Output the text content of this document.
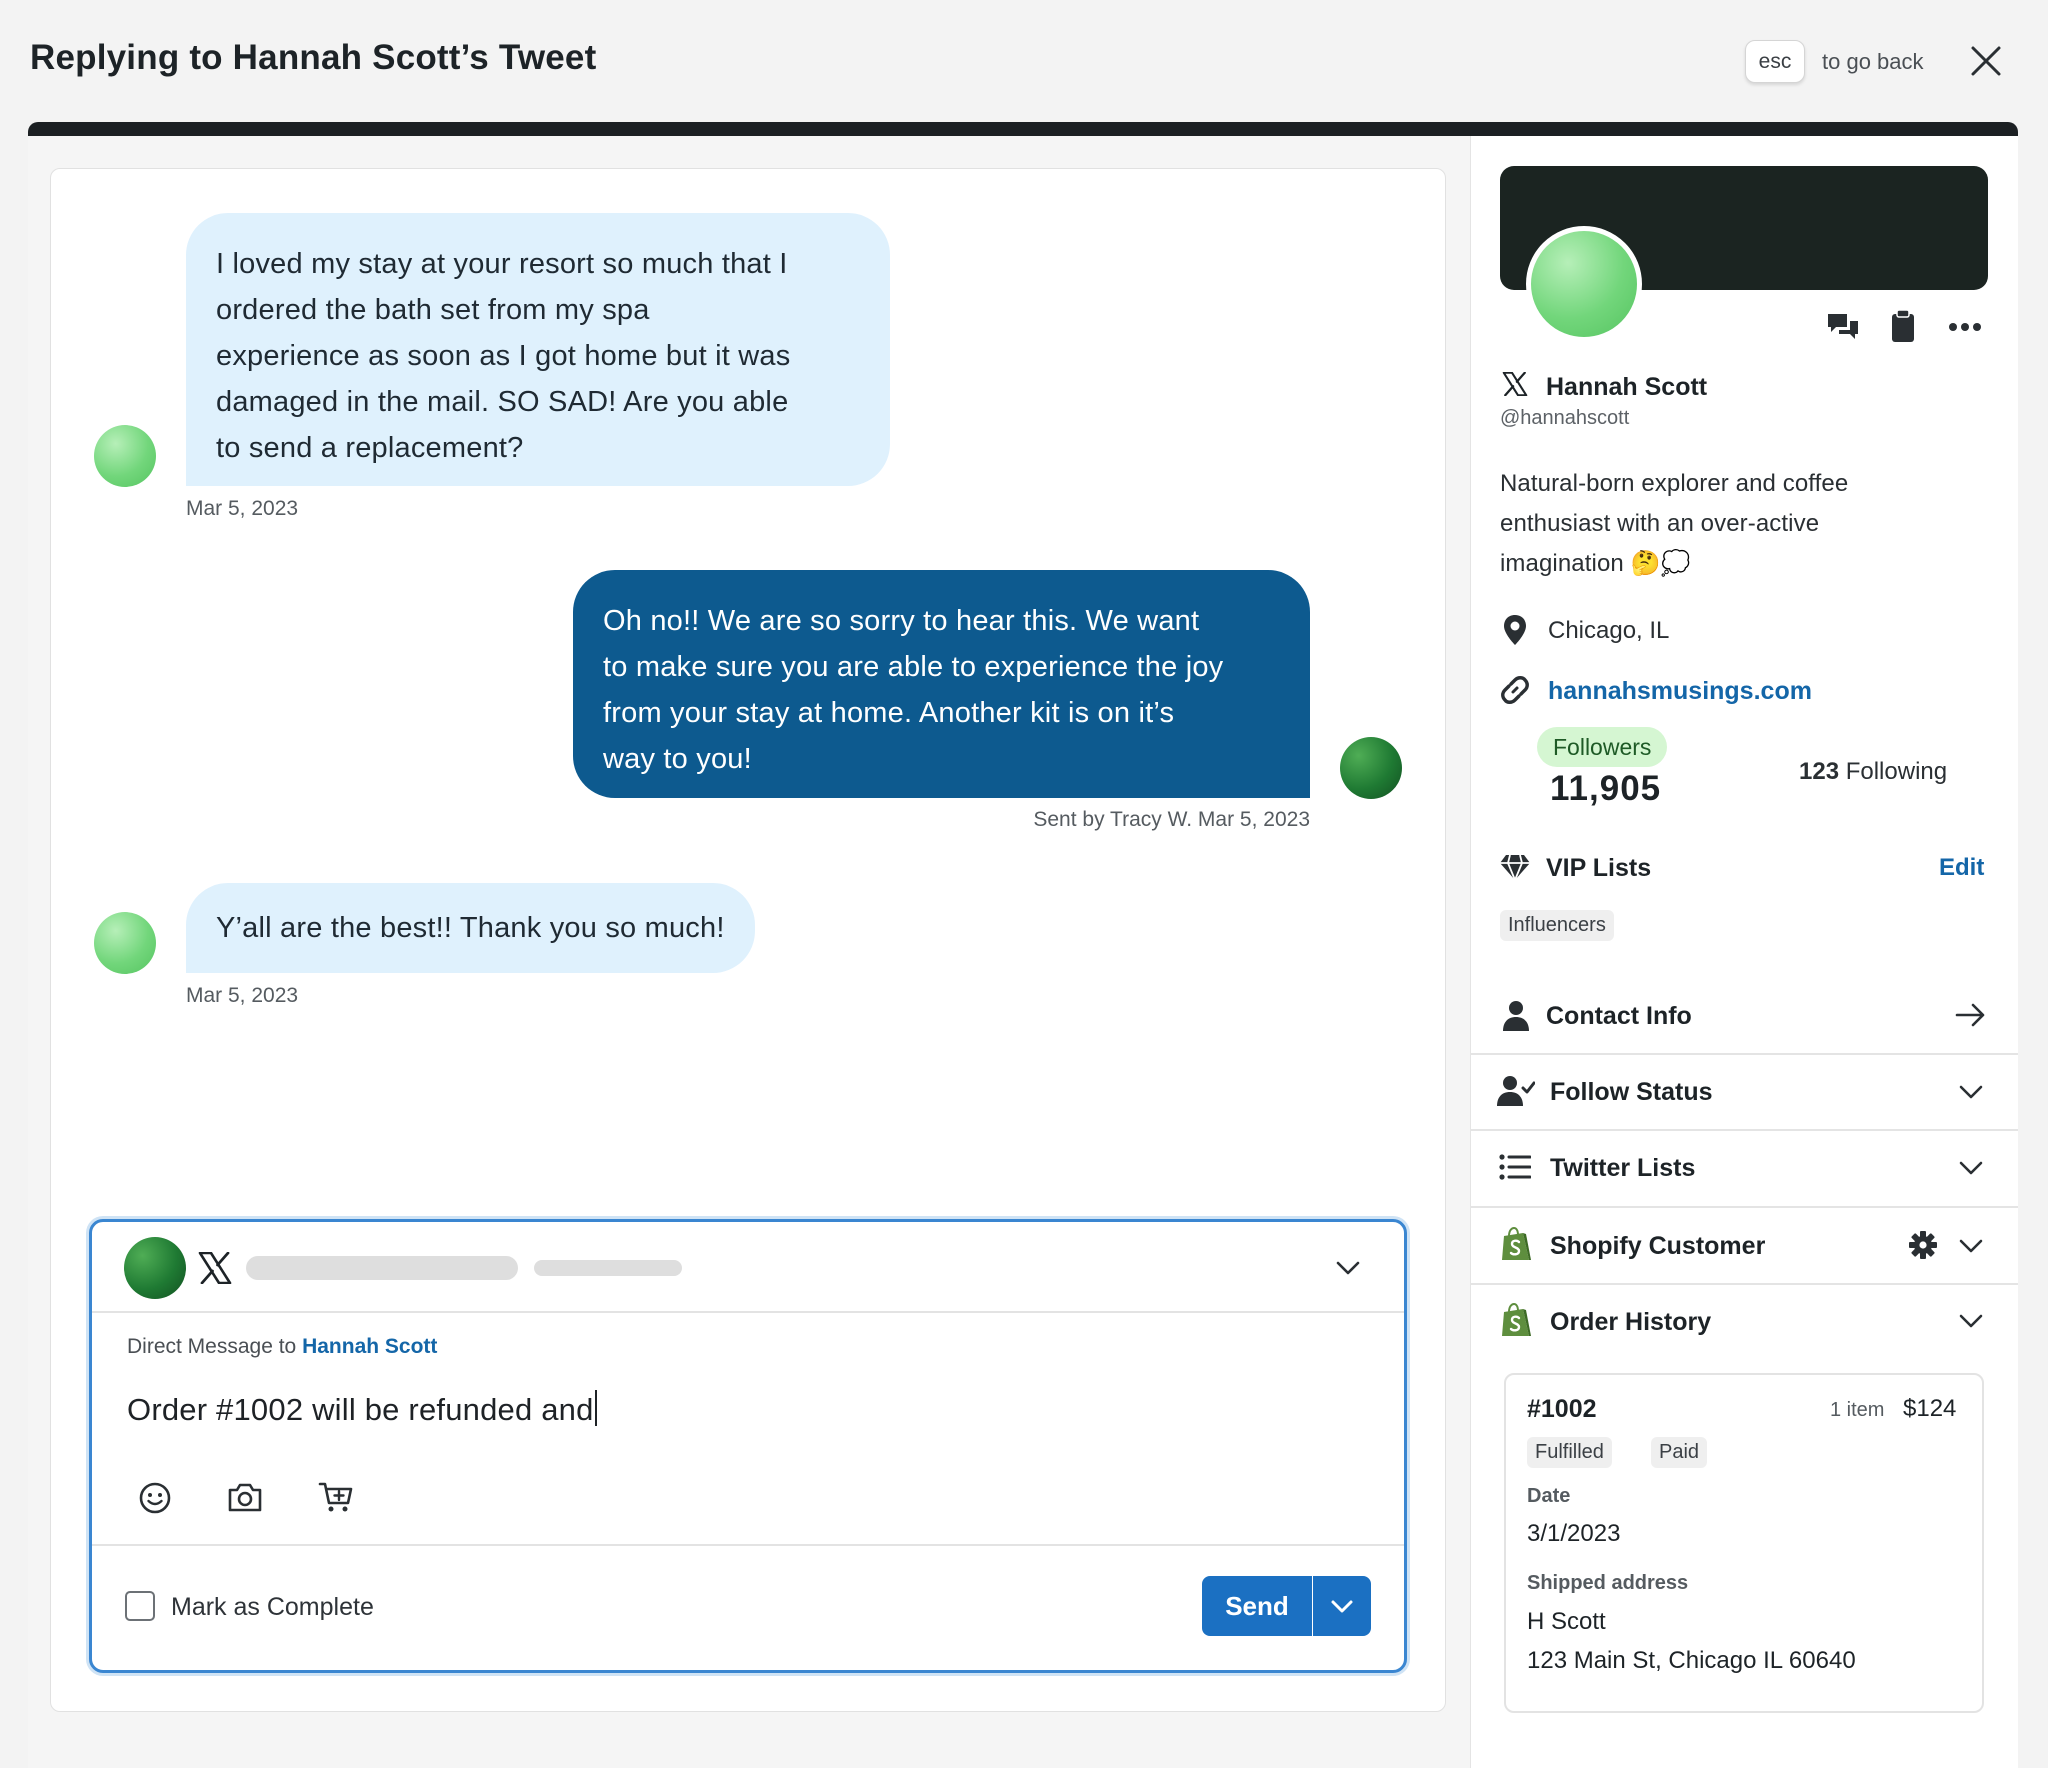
Replying to Hannah Scott’s Tweet	esc	to go back
I loved my stay at your resort so much that I
ordered the bath set from my spa
experience as soon as I got home but it was
damaged in the mail. SO SAD! Are you able
to send a replacement?
Mar 5, 2023
Oh no!! We are so sorry to hear this. We want
to make sure you are able to experience the joy
from your stay at home. Another kit is on it’s
way to you!
Sent by Tracy W. Mar 5, 2023
Y’all are the best!! Thank you so much!
Mar 5, 2023
Direct Message to Hannah Scott
Order #1002 will be refunded and
Mark as Complete	Send
Hannah Scott
@hannahscott
Natural-born explorer and coffee
enthusiast with an over-active
imagination 🤔💭
Chicago, IL
hannahsmusings.com
Followers
11,905	123 Following
VIP Lists	Edit
Influencers
Contact Info
Follow Status
Twitter Lists
Shopify Customer
Order History
#1002	1 item $124
Fulfilled	Paid
Date
3/1/2023
Shipped address
H Scott
123 Main St, Chicago IL 60640
